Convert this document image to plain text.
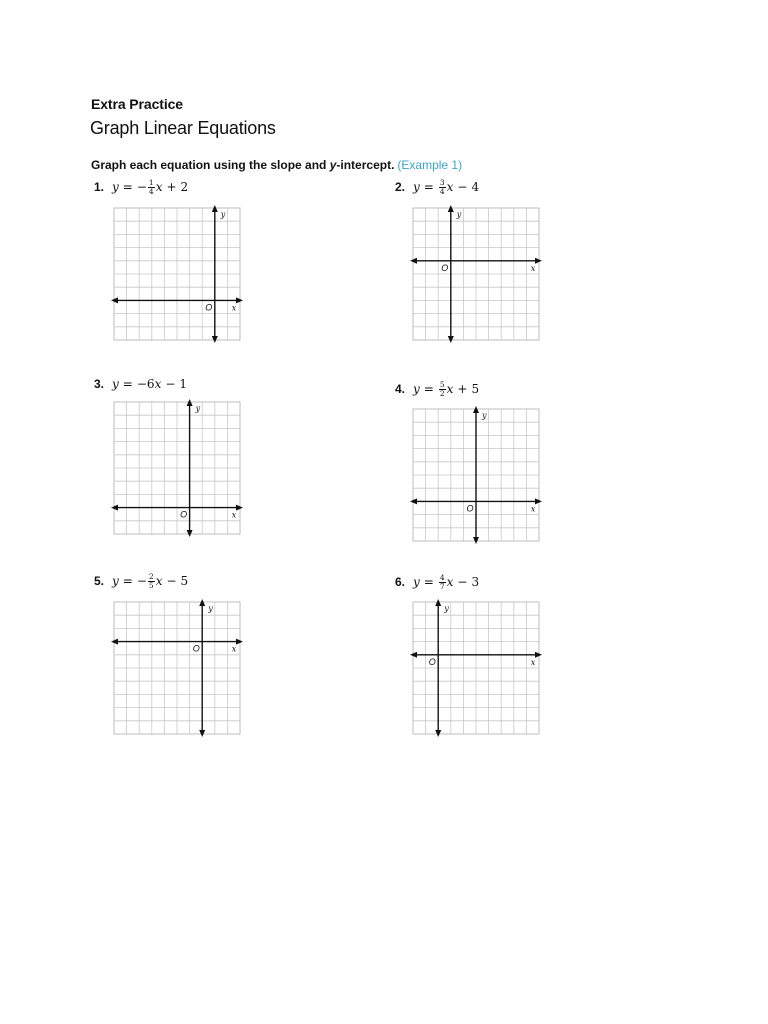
Extra Practice
Graph Linear Equations
Graph each equation using the slope and y-intercept. (Example 1)
1. y = − $\frac{1}{4}$ x + 2
x
y
O
2. $y = \frac{3}{4}$ x − 4
x
y
O
3. y = −6 x − 1
x
y
O
4. $y = \frac{5}{2}$ x + 5
x
y
O
5. y = − $\frac{2}{5}$ x − 5
x
y
O
6. $y = \frac{4}{7}$ x − 3
x
y
O
